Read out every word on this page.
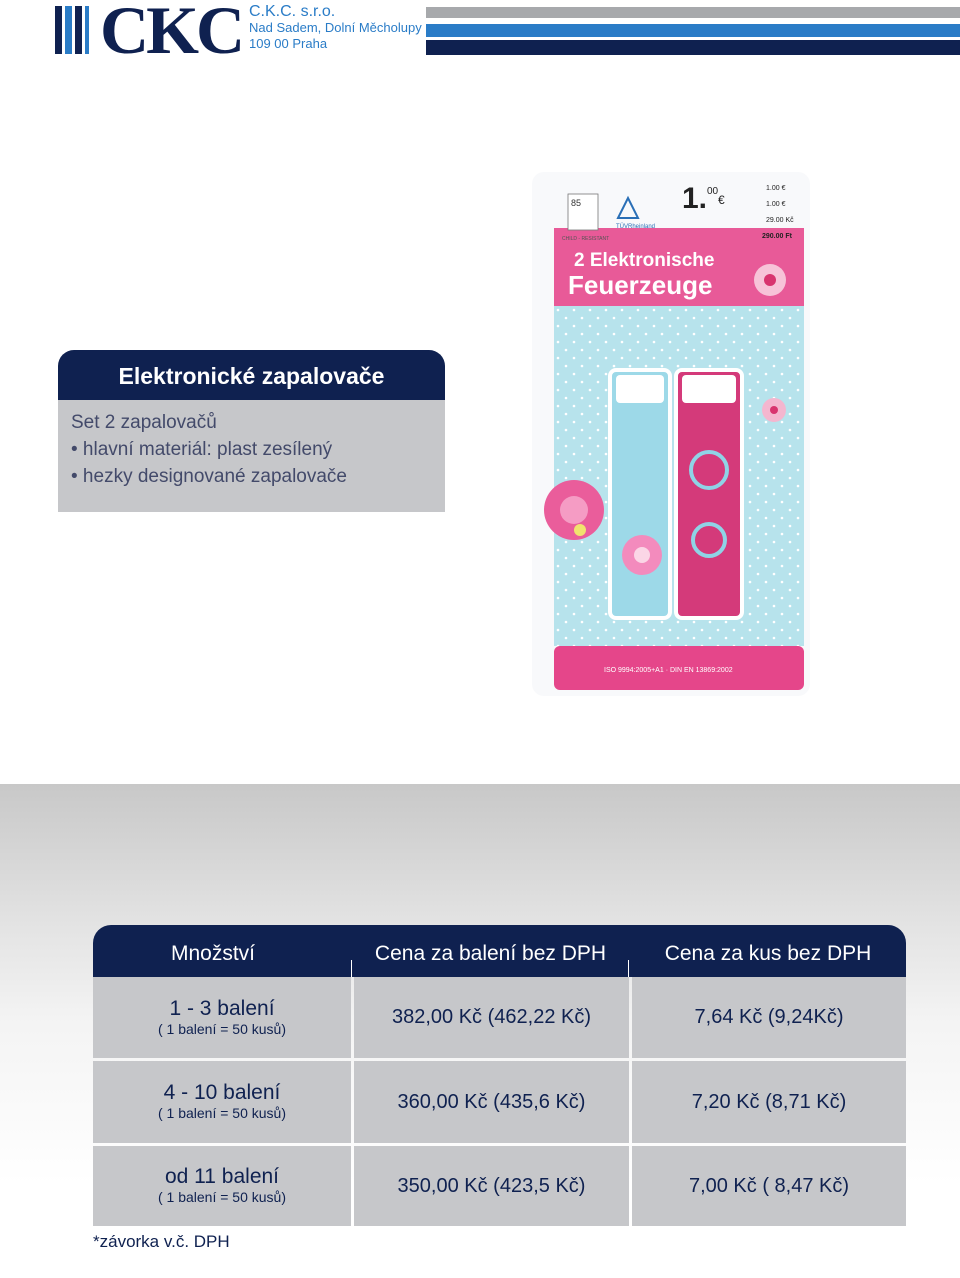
CKC C.K.C. s.r.o.
Nad Sadem, Dolní Měcholupy
109 00 Praha
Elektronické zapalovače
Set 2 zapalovačů
• hlavní materiál: plast zesílený
• hezky designované zapalovače
85
CHILD - RESISTANT
TÜVRheinland
1. 00
€
1.00 €
1.00 €
29.00 Kč
290.00 Ft
2 Elektronische
Feuerzeuge
ISO 9994:2005+A1 · DIN EN 13869:2002
Množství	Cena za balení bez DPH	Cena za kus bez DPH
1 - 3 balení
( 1 balení = 50 kusů)
382,00 Kč (462,22 Kč)	7,64 Kč (9,24Kč)
4 - 10 balení
( 1 balení = 50 kusů)
360,00 Kč (435,6 Kč)	7,20 Kč (8,71 Kč)
od 11 balení
( 1 balení = 50 kusů)
350,00 Kč (423,5 Kč)	7,00 Kč ( 8,47 Kč)
*závorka v.č. DPH
